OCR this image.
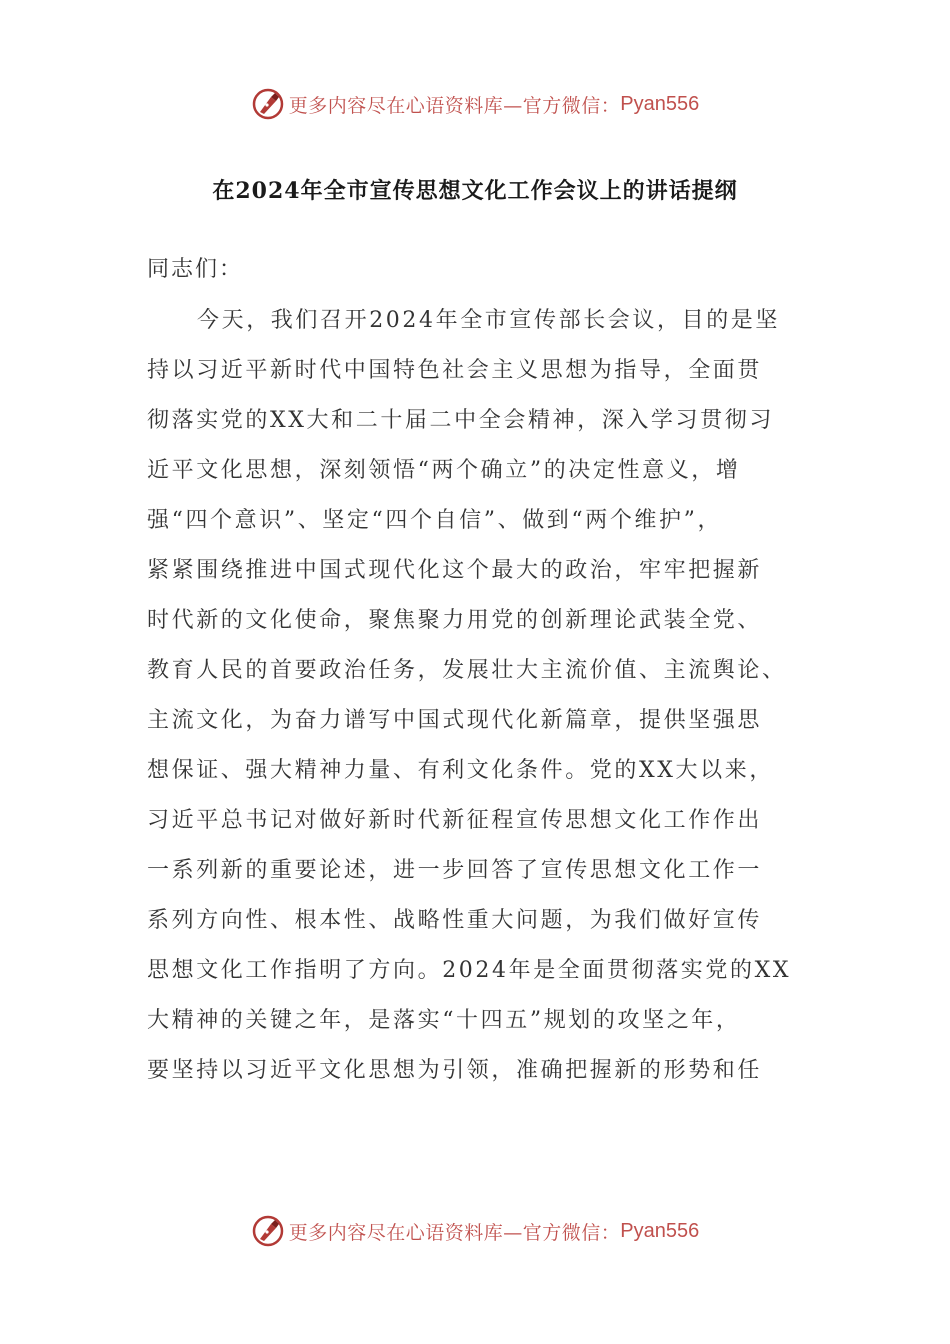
更多内容尽在心语资料库—官方微信： Pyan556
在2024年全市宣传思想文化工作会议上的讲话提纲
同志们：
今天，我们召开2024年全市宣传部长会议，目的是坚
持以习近平新时代中国特色社会主义思想为指导，全面贯
彻落实党的XX大和二十届二中全会精神，深入学习贯彻习
近平文化思想，深刻领悟“两个确立”的决定性意义，增
强“四个意识”、坚定“四个自信”、做到“两个维护”，
紧紧围绕推进中国式现代化这个最大的政治，牢牢把握新
时代新的文化使命，聚焦聚力用党的创新理论武装全党、
教育人民的首要政治任务，发展壮大主流价值、主流舆论、
主流文化，为奋力谱写中国式现代化新篇章，提供坚强思
想保证、强大精神力量、有利文化条件。党的XX大以来，
习近平总书记对做好新时代新征程宣传思想文化工作作出
一系列新的重要论述，进一步回答了宣传思想文化工作一
系列方向性、根本性、战略性重大问题，为我们做好宣传
思想文化工作指明了方向。2024年是全面贯彻落实党的XX
大精神的关键之年，是落实“十四五”规划的攻坚之年，
要坚持以习近平文化思想为引领，准确把握新的形势和任
更多内容尽在心语资料库—官方微信： Pyan556
